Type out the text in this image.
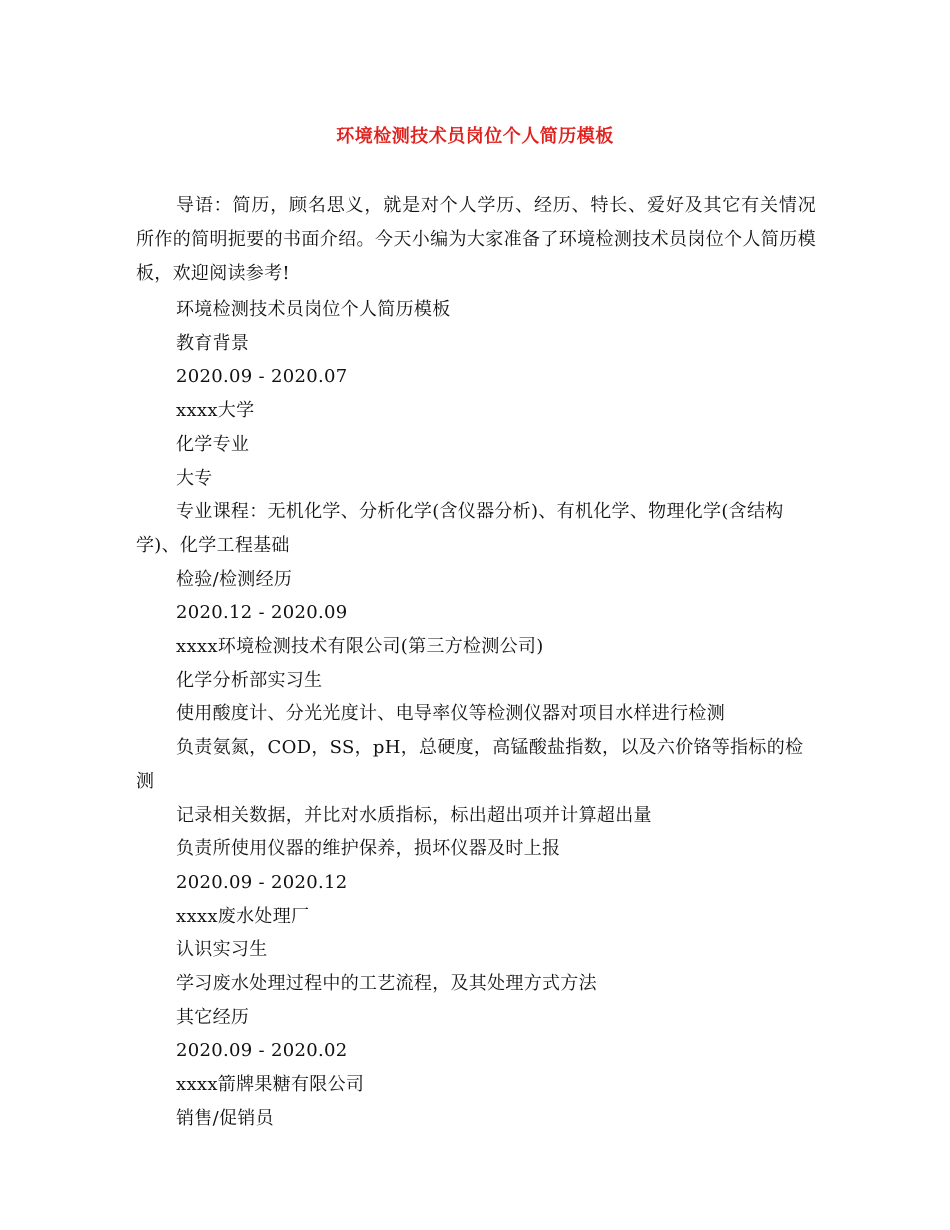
环境检测技术员岗位个人简历模板

导语：简历，顾名思义，就是对个人学历、经历、特长、爱好及其它有关情况所作的简明扼要的书面介绍。今天小编为大家准备了环境检测技术员岗位个人简历模板，欢迎阅读参考!

环境检测技术员岗位个人简历模板
教育背景
2020.09 - 2020.07
xxxx大学
化学专业
大专
专业课程：无机化学、分析化学(含仪器分析)、有机化学、物理化学(含结构学)、化学工程基础
检验/检测经历
2020.12 - 2020.09
xxxx环境检测技术有限公司(第三方检测公司)
化学分析部实习生
使用酸度计、分光光度计、电导率仪等检测仪器对项目水样进行检测
负责氨氮，COD，SS，pH，总硬度，高锰酸盐指数，以及六价铬等指标的检测
记录相关数据，并比对水质指标，标出超出项并计算超出量
负责所使用仪器的维护保养，损坏仪器及时上报
2020.09 - 2020.12
xxxx废水处理厂
认识实习生
学习废水处理过程中的工艺流程，及其处理方式方法
其它经历
2020.09 - 2020.02
xxxx箭牌果糖有限公司
销售/促销员
